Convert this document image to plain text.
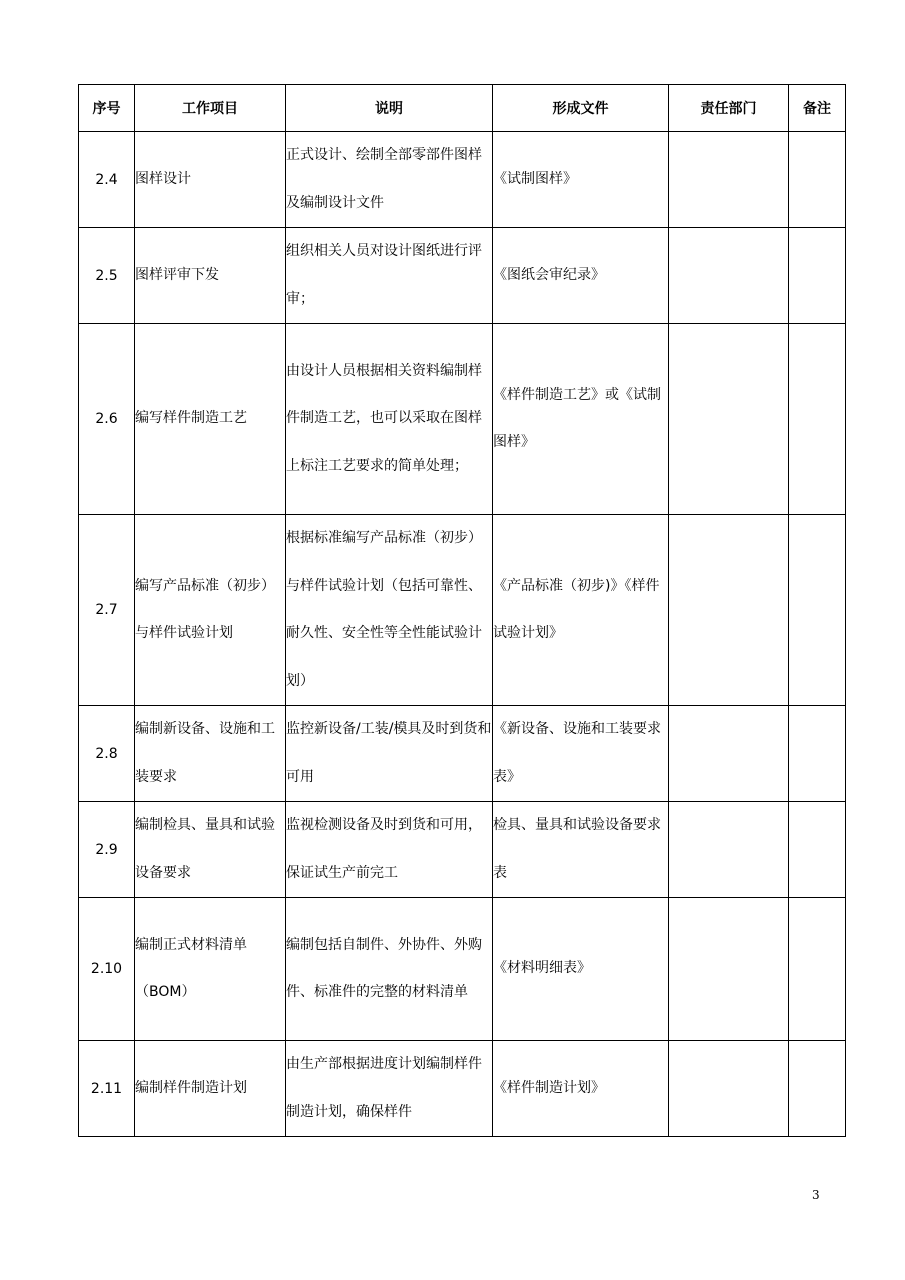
序号	工作项目	说明	形成文件	责任部门	备注
2.4	图样设计	正式设计、绘制全部零部件图样及编制设计文件	《试制图样》		
2.5	图样评审下发	组织相关人员对设计图纸进行评审；	《图纸会审纪录》		
2.6	编写样件制造工艺	由设计人员根据相关资料编制样件制造工艺，也可以采取在图样上标注工艺要求的简单处理；	《样件制造工艺》或《试制图样》		
2.7	编写产品标准（初步）与样件试验计划	根据标准编写产品标准（初步）与样件试验计划（包括可靠性、耐久性、安全性等全性能试验计划）	《产品标准（初步)》《样件试验计划》		
2.8	编制新设备、设施和工装要求	监控新设备/工装/模具及时到货和可用	《新设备、设施和工装要求表》		
2.9	编制检具、量具和试验设备要求	监视检测设备及时到货和可用，保证试生产前完工	检具、量具和试验设备要求表		
2.10	编制正式材料清单（BOM）	编制包括自制件、外协件、外购件、标准件的完整的材料清单	《材料明细表》		
2.11	编制样件制造计划	由生产部根据进度计划编制样件制造计划，确保样件	《样件制造计划》		
3
